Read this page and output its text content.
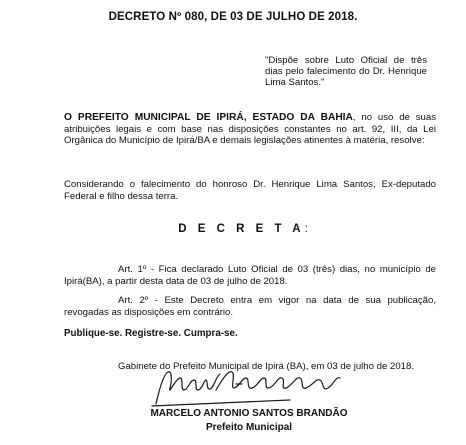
DECRETO Nº 080, DE 03 DE JULHO DE 2018.
"Dispõe sobre Luto Oficial de três dias pelo falecimento do Dr. Henrique Lima Santos."
O PREFEITO MUNICIPAL DE IPIRÁ, ESTADO DA BAHIA, no uso de suas atribuições legais e com base nas disposições constantes no art. 92, III, da Lei Orgânica do Município de Ipirá/BA e demais legislações atinentes à matéria, resolve:
Considerando o falecimento do honroso Dr. Henrique Lima Santos, Ex-deputado Federal e filho dessa terra.
D E C R E T A:
Art. 1º - Fica declarado Luto Oficial de 03 (três) dias, no município de Ipirá(BA), a partir desta data de 03 de julho de 2018.
Art. 2º - Este Decreto entra em vigor na data de sua publicação, revogadas as disposições em contrário.
Publique-se. Registre-se. Cumpra-se.
Gabinete do Prefeito Municipal de Ipirá (BA), em 03 de julho de 2018.
MARCELO ANTONIO SANTOS BRANDÃO
Prefeito Municipal
